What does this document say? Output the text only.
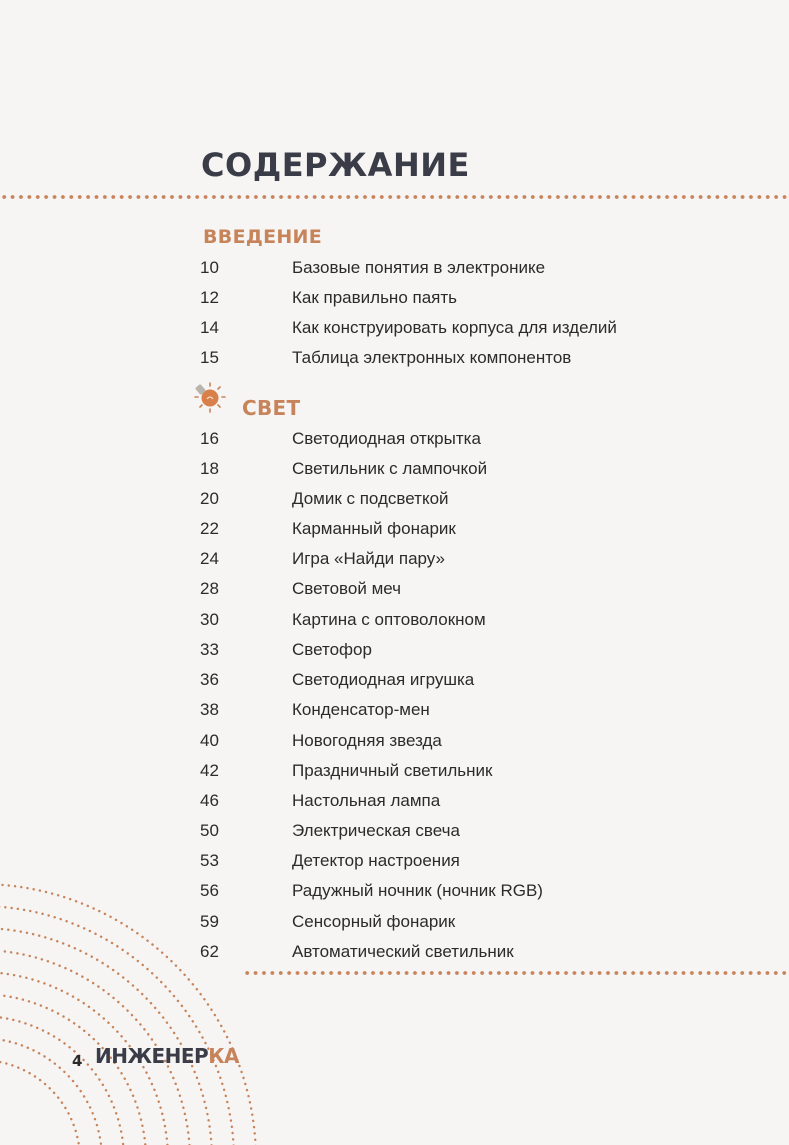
СОДЕРЖАНИЕ
ВВЕДЕНИЕ
10	Базовые понятия в электронике
12	Как правильно паять
14	Как конструировать корпуса для изделий
15	Таблица электронных компонентов
СВЕТ
16	Светодиодная открытка
18	Светильник с лампочкой
20	Домик с подсветкой
22	Карманный фонарик
24	Игра «Найди пару»
28	Световой меч
30	Картина с оптоволокном
33	Светофор
36	Светодиодная игрушка
38	Конденсатор-мен
40	Новогодняя звезда
42	Праздничный светильник
46	Настольная лампа
50	Электрическая свеча
53	Детектор настроения
56	Радужный ночник (ночник RGB)
59	Сенсорный фонарик
62	Автоматический светильник
4 ИНЖЕНЕРКА
